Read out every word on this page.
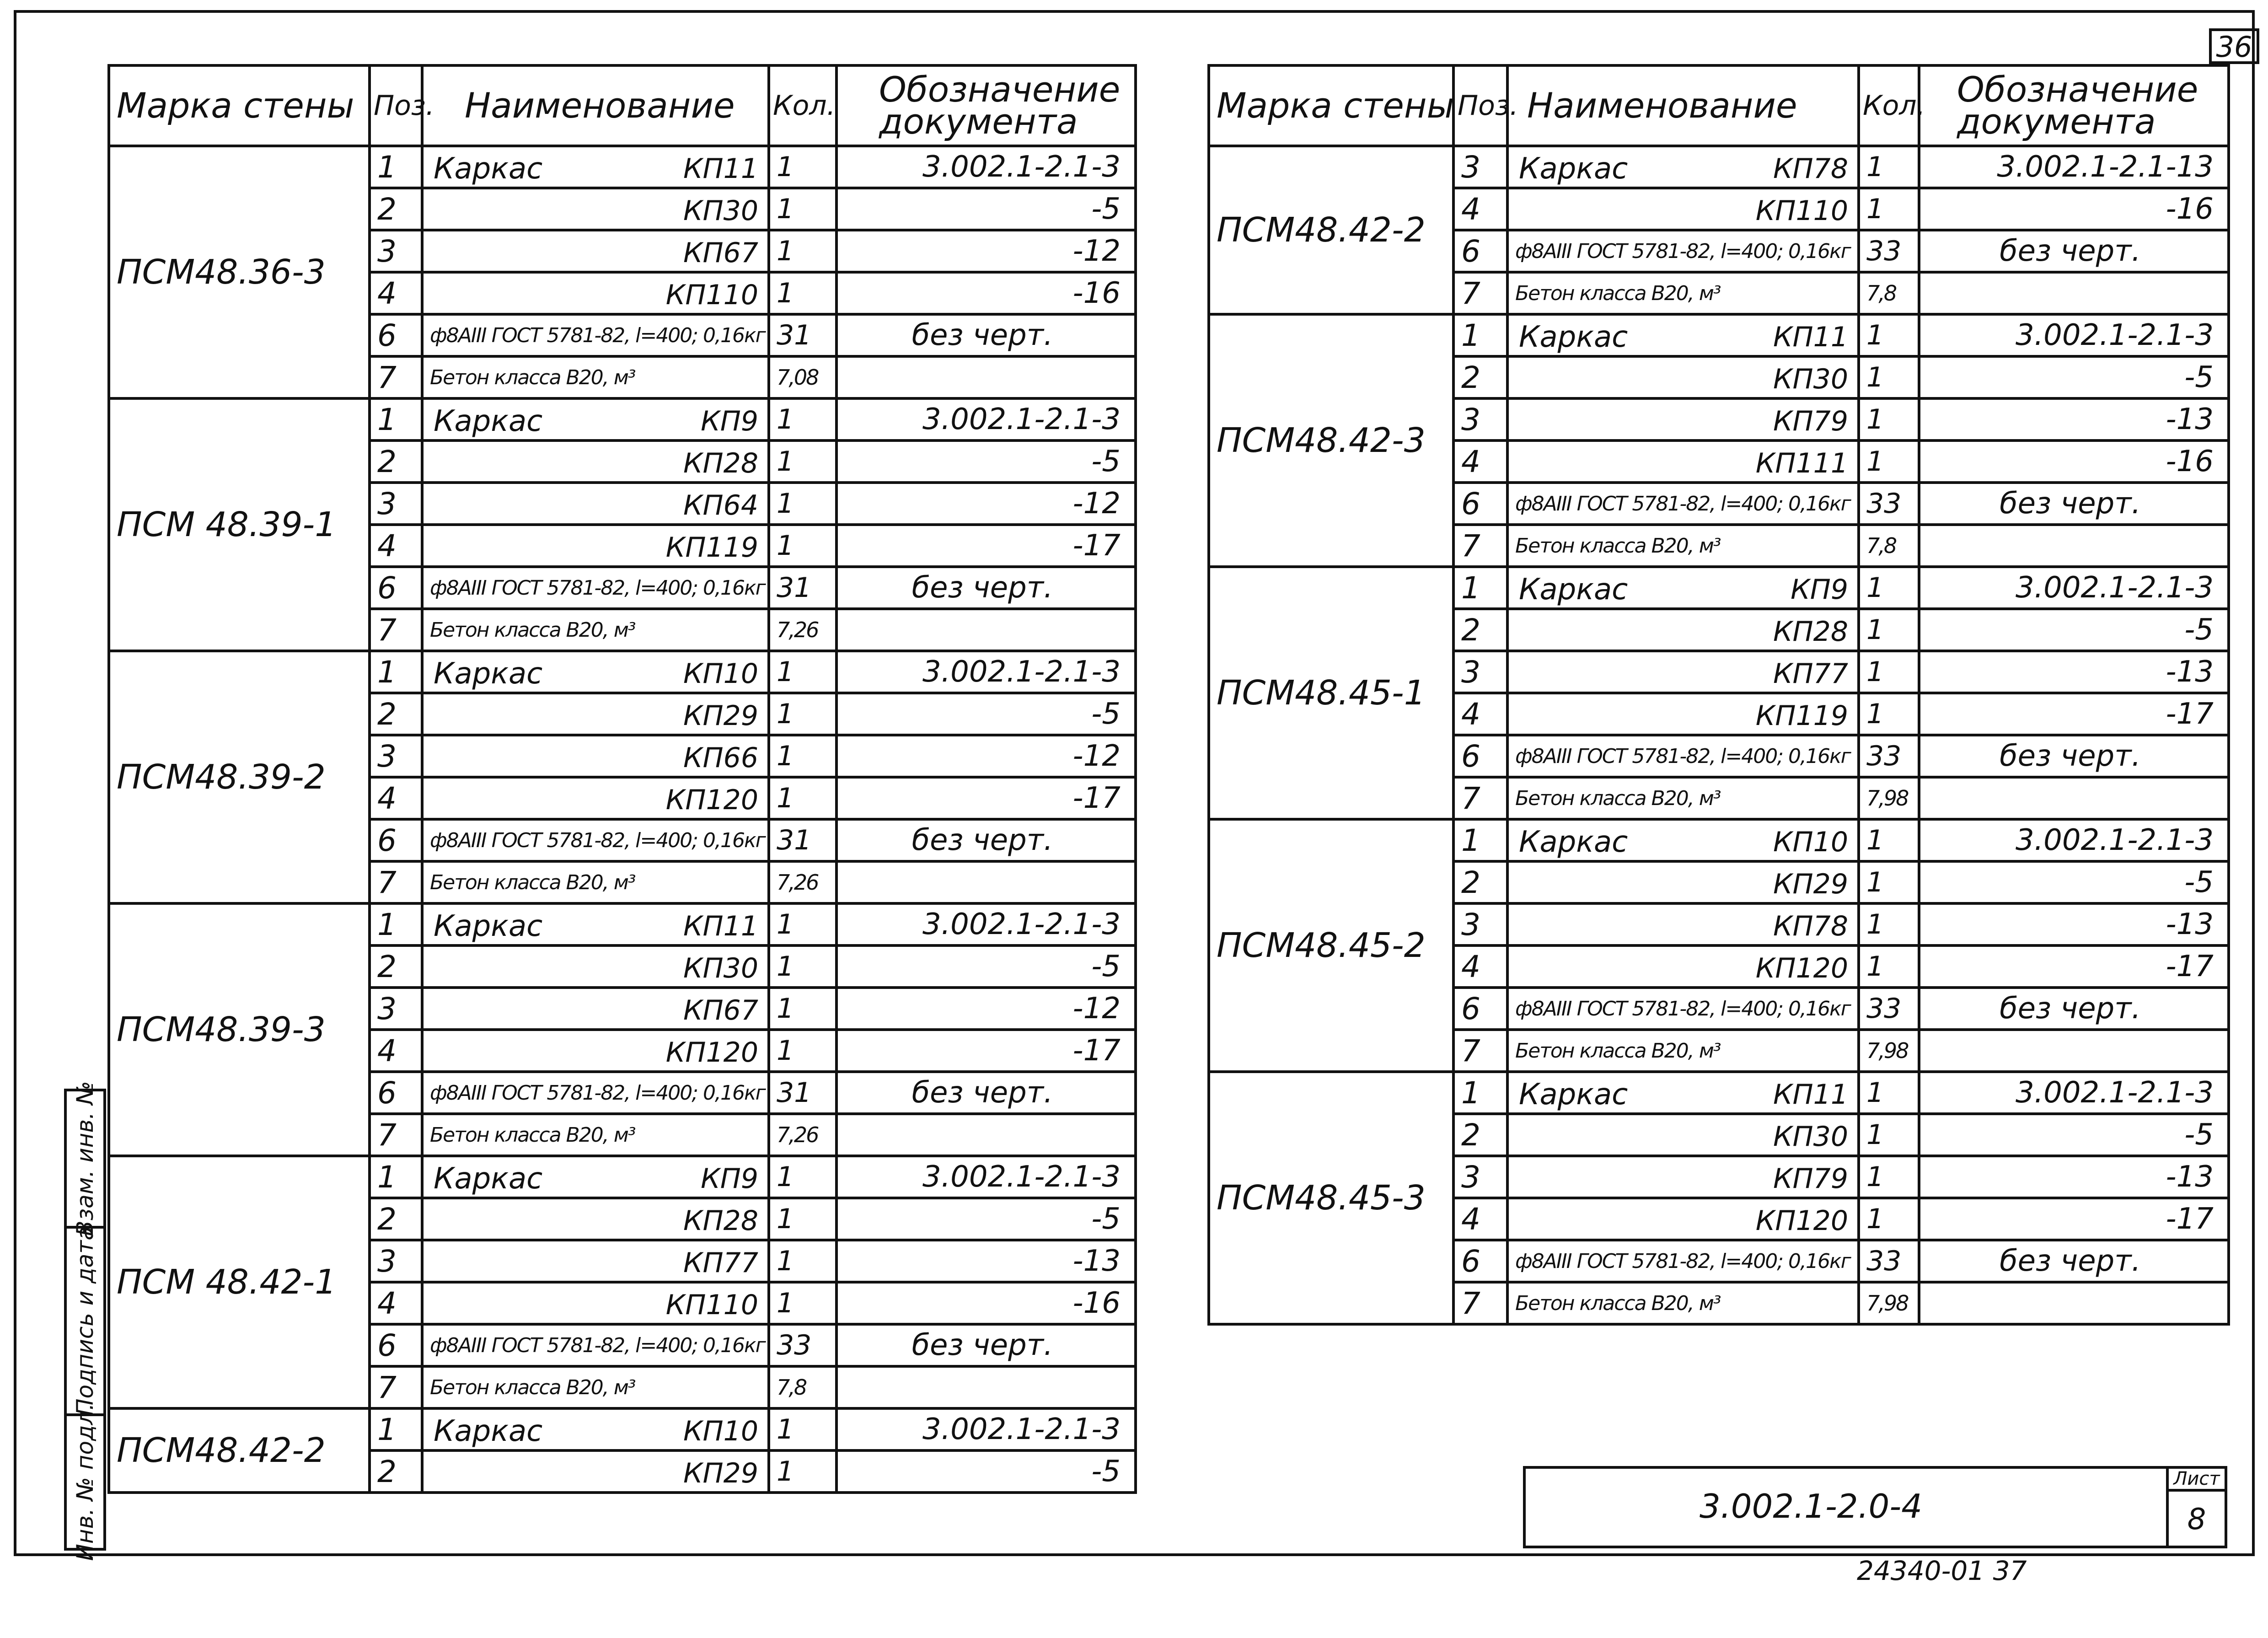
36
Марка стены	Поз.	Наименование	Кол.	Обозначение
документа

ПСМ48.36-3	1	Каркас КП11	1	3.002.1-2.1-3
	2	КП30	1	-5
	3	КП67	1	-12
	4	КП110	1	-16
	6	ф8АIII ГОСТ 5781-82, l=400; 0,16кг	31	без черт.
	7	Бетон класса В20, м³	7,08	
ПСМ 48.39-1	1	Каркас КП9	1	3.002.1-2.1-3
	2	КП28	1	-5
	3	КП64	1	-12
	4	КП119	1	-17
	6	ф8АIII ГОСТ 5781-82, l=400; 0,16кг	31	без черт.
	7	Бетон класса В20, м³	7,26	
ПСМ48.39-2	1	Каркас КП10	1	3.002.1-2.1-3
	2	КП29	1	-5
	3	КП66	1	-12
	4	КП120	1	-17
	6	ф8АIII ГОСТ 5781-82, l=400; 0,16кг	31	без черт.
	7	Бетон класса В20, м³	7,26	
ПСМ48.39-3	1	Каркас КП11	1	3.002.1-2.1-3
	2	КП30	1	-5
	3	КП67	1	-12
	4	КП120	1	-17
	6	ф8АIII ГОСТ 5781-82, l=400; 0,16кг	31	без черт.
	7	Бетон класса В20, м³	7,26	
ПСМ 48.42-1	1	Каркас КП9	1	3.002.1-2.1-3
	2	КП28	1	-5
	3	КП77	1	-13
	4	КП110	1	-16
	6	ф8АIII ГОСТ 5781-82, l=400; 0,16кг	33	без черт.
	7	Бетон класса В20, м³	7,8	
ПСМ48.42-2	1	Каркас КП10	1	3.002.1-2.1-3
	2	КП29	1	-5
Марка стены	Поз.	Наименование	Кол.	Обозначение
документа

ПСМ48.42-2	3	Каркас КП78	1	3.002.1-2.1-13
	4	КП110	1	-16
	6	ф8АIII ГОСТ 5781-82, l=400; 0,16кг	33	без черт.
	7	Бетон класса В20, м³	7,8	
ПСМ48.42-3	1	Каркас КП11	1	3.002.1-2.1-3
	2	КП30	1	-5
	3	КП79	1	-13
	4	КП111	1	-16
	6	ф8АIII ГОСТ 5781-82, l=400; 0,16кг	33	без черт.
	7	Бетон класса В20, м³	7,8	
ПСМ48.45-1	1	Каркас КП9	1	3.002.1-2.1-3
	2	КП28	1	-5
	3	КП77	1	-13
	4	КП119	1	-17
	6	ф8АIII ГОСТ 5781-82, l=400; 0,16кг	33	без черт.
	7	Бетон класса В20, м³	7,98	
ПСМ48.45-2	1	Каркас КП10	1	3.002.1-2.1-3
	2	КП29	1	-5
	3	КП78	1	-13
	4	КП120	1	-17
	6	ф8АIII ГОСТ 5781-82, l=400; 0,16кг	33	без черт.
	7	Бетон класса В20, м³	7,98	
ПСМ48.45-3	1	Каркас КП11	1	3.002.1-2.1-3
	2	КП30	1	-5
	3	КП79	1	-13
	4	КП120	1	-17
	6	ф8АIII ГОСТ 5781-82, l=400; 0,16кг	33	без черт.
	7	Бетон класса В20, м³	7,98	
3.002.1-2.0-4
Лист
8
24340-01 37
Взам. инв. №
Подпись и дата
Инв. № подл.
